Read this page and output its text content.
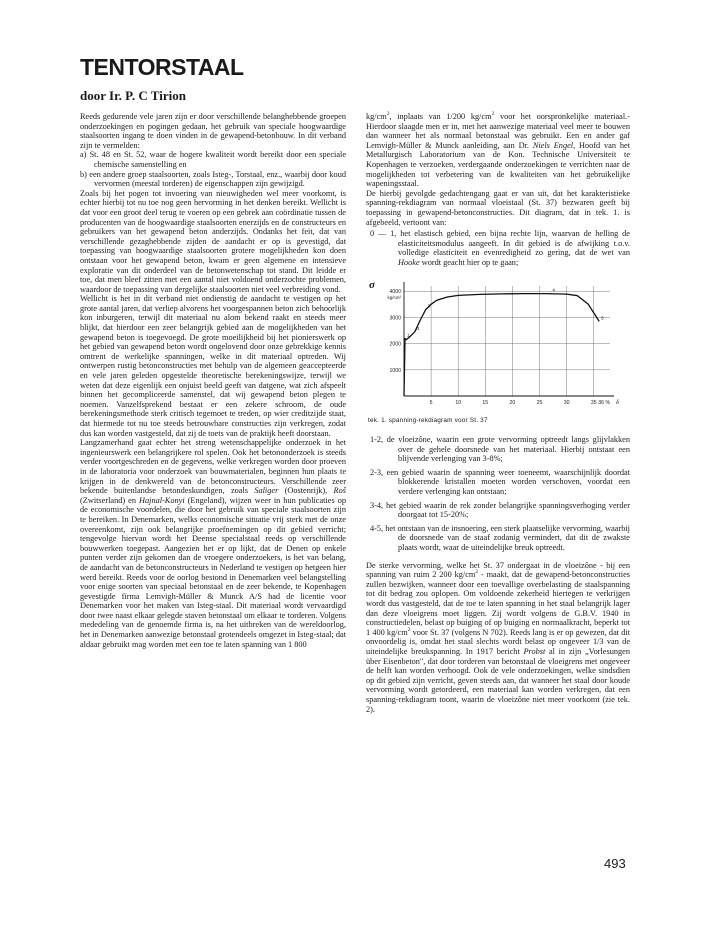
TENTORSTAAL

door Ir. P. C Tirion

Reeds gedurende vele jaren zijn er door verschillende belanghebbende groepen onderzoekingen en pogingen gedaan, het gebruik van speciale hoogwaardige staalsoorten ingang te doen vinden in de gewapend-betonbouw. In dit verband zijn te vermelden:

a) St. 48 en St. 52, waar de hogere kwaliteit wordt bereikt door een speciale chemische samenstelling en

b) een andere groep staalsoorten, zoals Isteg-, Torstaal, enz., waarbij door koud vervormen (meestal torderen) de eigenschappen zijn gewijzigd.

Zoals bij het pogen tot invoering van nieuwigheden wel meer voorkomt, is echter hierbij tot nu toe nog geen hervorming in het denken bereikt. Wellicht is dat voor een groot deel terug te voeren op een gebrek aan coördinatie tussen de producenten van de hoogwaardige staalsoorten enerzijds en de constructeurs en gebruikers van het gewapend beton anderzijds. Ondanks het feit, dat van verschillende gezaghebbende zijden de aandacht er op is gevestigd, dat toepassing van hoogwaardige staalsoorten grotere mogelijkheden kon doen ontstaan voor het gewapend beton, kwam er geen algemene en intensieve exploratie van dit onderdeel van de betonwetenschap tot stand. Dit leidde er toe, dat men bleef zitten met een aantal niet voldoend onderzochte problemen, waardoor de toepassing van dergelijke staalsoorten niet veel verbreiding vond.

Wellicht is het in dit verband niet ondienstig de aandacht te vestigen op het grote aantal jaren, dat verliep alvorens het voorgespannen beton zich behoorlijk kon inburgeren, terwijl dit materiaal nu alom bekend raakt en steeds meer blijkt, dat hierdoor een zeer belangrijk gebied aan de mogelijkheden van het gewapend beton is toegevoegd. De grote moeilijkheid bij het pionierswerk op het gebied van gewapend beton wordt ongelovend door onze gebrekkige kennis omtrent de werkelijke spanningen, welke in dit materiaal optreden. Wij ontwerpen rustig betonconstructies met behulp van de algemeen geaccepteerde en vele jaren geleden opgestelde theoretische berekeningswijze, terwijl we weten dat deze eigenlijk een onjuist beeld geeft van datgene, wat zich afspeelt binnen het gecompliceerde samenstel, dat wij gewapend beton plegen te noemen. Vanzelfsprekend bestaat er een zekere schroom, de oude berekeningsmethode sterk critisch tegemoet te treden, op wier creditzijde staat, dat hiermede tot nu toe steeds betrouwbare constructies zijn verkregen, zodat dus kan worden vastgesteld, dat zij de toets van de praktijk heeft doorstaan.

Langzamerhand gaat echter het streng wetenschappelijke onderzoek in het ingenieurswerk een belangrijkere rol spelen. Ook het betononderzoek is steeds verder voortgeschreden en de gegevens, welke verkregen worden door proeven in de laboratoria voor onderzoek van bouwmaterialen, beginnen hun plaats te krijgen in de denkwereld van de betonconstructeurs. Verschillende zeer bekende buitenlandse betondeskundigen, zoals Saliger (Oostenrijk), Roš (Zwitserland) en Hajnal-Konyi (Engeland), wijzen weer in hun publicaties op de economische voordelen, die door het gebruik van speciale staalsoorten zijn te bereiken. In Denemarken, welks economische situatie vrij sterk met de onze overeenkomt, zijn ook belangrijke proefnemingen op dit gebied verricht; tengevolge hiervan wordt het Deense specialstaal reeds op verschillende bouwwerken toegepast. Aangezien het er op lijkt, dat de Denen op enkele punten verder zijn gekomen dan de vroegere onderzoekers, is het van belang, de aandacht van de betonconstructeurs in Nederland te vestigen op hetgeen hier werd bereikt. Reeds voor de oorlog bestond in Denemarken veel belangstelling voor enige soorten van speciaal betonstaal en de zeer bekende, te Kopenhagen gevestigde firma Lemvigh-Müller & Munck A/S had de licentie voor Denemarken voor het maken van Isteg-staal. Dit materiaal wordt vervaardigd door twee naast elkaar gelegde staven betonstaal om elkaar te torderen. Volgens mededeling van de genoemde firma is, na het uitbreken van de wereldoorlog, het in Denemarken aanwezige betonstaal grotendeels omgezet in Isteg-staal; dat aldaar gebruikt mag worden met een toe te laten spanning van 1 800

$kg/cm^2$, inplaats van 1/200 $kg/cm^2$ voor het oorspronkelijke materiaal.- Hierdoor slaagde men er in, met het aanwezige materiaal veel meer te bouwen dan wanneer het als normaal betonstaal was gebruikt. Een en ander gaf Lemvigh-Müller & Munck aanleiding, aan Dr. Niels Engel, Hoofd van het Metallurgisch Laboratorium van de Kon. Technische Universiteit te Kopenhagen te verzoeken, verdergaande onderzoekingen te verrichten naar de mogelijkheden tot verbetering van de kwaliteiten van het gebruikelijke wapeningsstaal.

De hierbij gevolgde gedachtengang gaat er van uit, dat het karakteristieke spanning-rekdiagram van normaal vloeistaal (St. 37) bezwaren geeft bij toepassing in gewapend-betonconstructies. Dit diagram, dat in tek. 1. is afgebeeld, vertoont van:

0 — 1, het elastisch gebied, een bijna rechte lijn, waarvan de helling de elasticiteitsmodulus aangeeft. In dit gebied is de afwijking t.o.v. volledige elasticiteit en evenredigheid zo gering, dat de wet van Hooke wordt geacht hier op te gaan;

1000
2000
3000
4000
kg/cm²
5	10	15	20	25	30	35 36 %
σ
δ
1
2
3
4
5

tek. 1. spanning-rekdiagram voor St. 37

1-2, de vloeizône, waarin een grote vervorming optreedt langs glijvlakken over de gehele doorsnede van het materiaal. Hierbij ontstaat een blijvende verlenging van 3-8%;

2-3, een gebied waarin de spanning weer toeneemt, waarschijnlijk doordat blokkerende kristallen moeten worden verschoven, voordat een verdere verlenging kan ontstaan;

3-4, het gebied waarin de rek zonder belangrijke spanningsverhoging verder doorgaat tot 15-20%;

4-5, het ontstaan van de insnoering, een sterk plaatselijke vervorming, waarbij de doorsnede van de staaf zodanig vermindert, dat dit de zwakste plaats wordt, waar de uiteindelijke breuk optreedt.

De sterke vervorming, welke het St. 37 ondergaat in de vloeizône - bij een spanning van ruim 2 200 $kg/cm^2$ - maakt, dat de gewapend-betonconstructies zullen bezwijken, wanneer door een toevallige overbelasting de staalspanning tot dit bedrag zou oplopen. Om voldoende zekerheid hiertegen te verkrijgen wordt dus vastgesteld, dat de toe te laten spanning in het staal belangrijk lager dan deze vloeigrens moet liggen. Zij wordt volgens de G.B.V. 1940 in constructiedelen, belast op buiging of op buiging en normaalkracht, beperkt tot 1 400 $kg/cm^2$ voor St. 37 (volgens N 702). Reeds lang is er op gewezen, dat dit onvoordelig is, omdat het staal slechts wordt belast op ongeveer 1/3 van de uiteindelijke breukspanning. In 1917 bericht Probst al in zijn „Vorlesungen über Eisenbeton", dat door torderen van betonstaal de vloeigrens met ongeveer de helft kan worden verhoogd. Ook de vele onderzoekingen, welke sindsdien op dit gebied zijn verricht, geven steeds aan, dat wanneer het staal door koude vervorming wordt getordeerd, een materiaal kan worden verkregen, dat een spanning-rekdiagram toont, waarin de vloeizône niet meer voorkomt (zie tek. 2).

493
